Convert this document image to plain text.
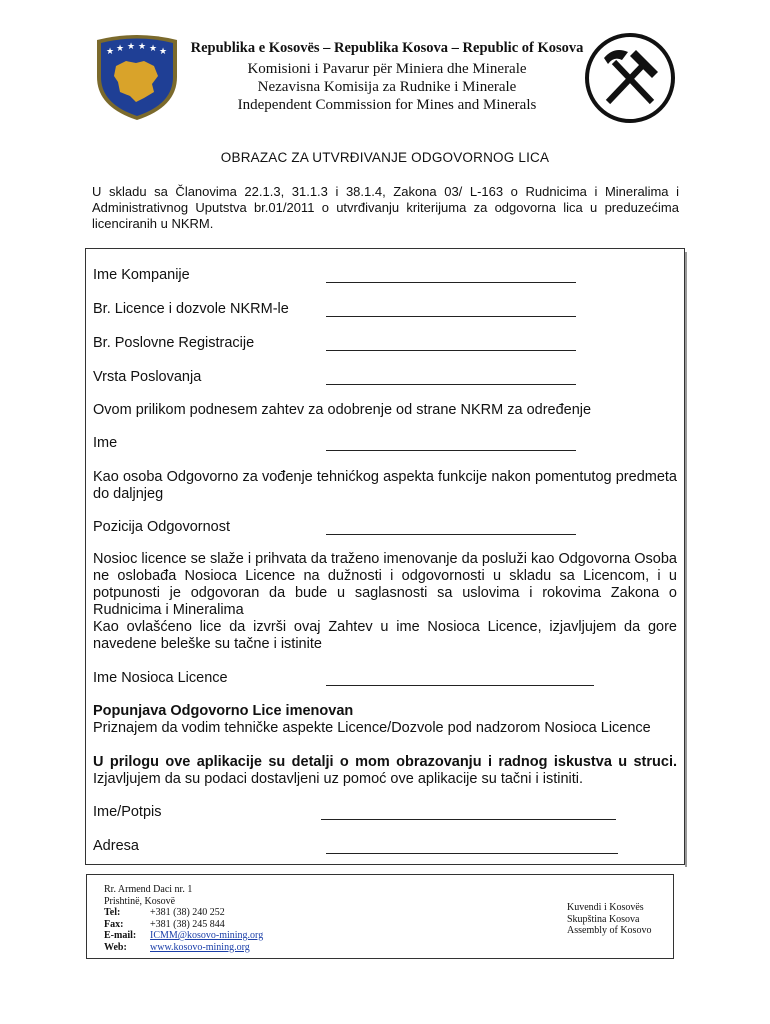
★ ★ ★ ★ ★ ★	Republika e Kosovës – Republika Kosova – Republic of Kosova
Komisioni i Pavarur për Miniera dhe Minerale
Nezavisna Komisija za Rudnike i Minerale
Independent Commission for Mines and Minerals
OBRAZAC ZA UTVRĐIVANJE ODGOVORNOG LICA
U skladu sa Članovima 22.1.3, 31.1.3 i 38.1.4, Zakona 03/ L-163 o Rudnicima i Mineralima i Administrativnog Uputstva br.01/2011 o utvrđivanju kriterijuma za odgovorna lica u preduzećima licenciranih u NKRM.
Ime Kompanije
Br. Licence i dozvole NKRM-le
Br. Poslovne Registracije
Vrsta Poslovanja
Ovom prilikom podnesem zahtev za odobrenje od strane NKRM za određenje
Ime
Kao osoba Odgovorno za vođenje tehnićkog aspekta funkcije nakon pomentutog predmeta do daljnjeg
Pozicija Odgovornost
Nosioc licence se slaže i prihvata da traženo imenovanje da posluži kao Odgovorna Osoba ne oslobađa Nosioca Licence na dužnosti i odgovornosti u skladu sa Licencom, i u potpunosti je odgovoran da bude u saglasnosti sa uslovima i rokovima Zakona o Rudnicima i Mineralima
Kao ovlašćeno lice da izvrši ovaj Zahtev u ime Nosioca Licence, izjavljujem da gore navedene beleške su tačne i istinite
Ime Nosioca Licence
Popunjava Odgovorno Lice imenovan
Priznajem da vodim tehničke aspekte Licence/Dozvole pod nadzorom Nosioca Licence
U prilogu ove aplikacije su detalji o mom obrazovanju i radnog iskustva u struci. Izjavljujem da su podaci dostavljeni uz pomoć ove aplikacije su tačni i istiniti.
Ime/Potpis
Adresa
Rr. Armend Daci nr. 1
Prishtinë, Kosovë
Tel:	+381 (38) 240 252
Fax:	+381 (38) 245 844
E-mail:	ICMM@kosovo-mining.org
Web:	www.kosovo-mining.org
Kuvendi i Kosovës
Skupština Kosova
Assembly of Kosovo
